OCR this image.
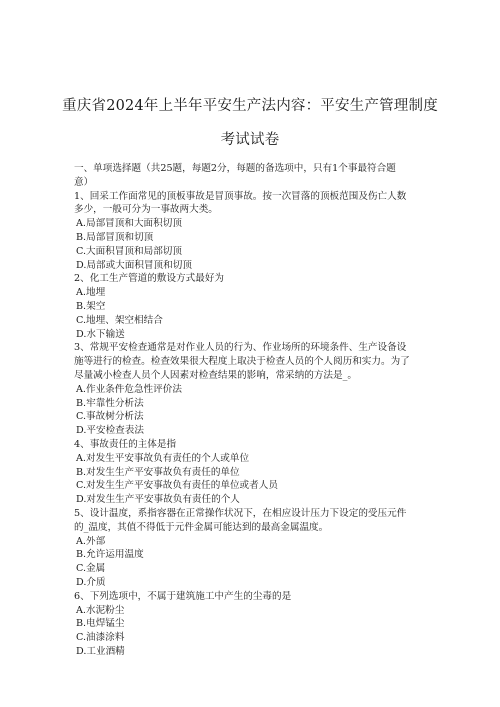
重庆省2024年上半年平安生产法内容：平安生产管理制度
考试试卷
一、单项选择题（共25题，每题2分，每题的备选项中，只有1个事最符合题
意）
1、回采工作面常见的顶板事故是冒顶事故。按一次冒落的顶板范围及伤亡人数
多少，一般可分为一事故两大类。
A.局部冒顶和大面积切顶
B.局部冒顶和切顶
C.大面积冒顶和局部切顶
D.局部或大面积冒顶和切顶
2、化工生产管道的敷设方式最好为
A.地埋
B.架空
C.地埋、架空相结合
D.水下输送
3、常规平安检查通常是对作业人员的行为、作业场所的环境条件、生产设备设
施等进行的检查。检查效果很大程度上取决于检查人员的个人阅历和实力。为了
尽量减小检查人员个人因素对检查结果的影响，常采纳的方法是_。
A.作业条件危急性评价法
B.牢靠性分析法
C.事故树分析法
D.平安检查表法
4、事故责任的主体是指
A.对发生平安事故负有责任的个人或单位
B.对发生生产平安事故负有责任的单位
C.对发生生产平安事故负有责任的单位或者人员
D.对发生生产平安事故负有责任的个人
5、设计温度，系指容器在正常操作状况下，在相应设计压力下设定的受压元件
的_温度，其值不得低于元件金属可能达到的最高金属温度。
A.外部
B.允许运用温度
C.金属
D.介质
6、下列选项中，不属于建筑施工中产生的尘毒的是
A.水泥粉尘
B.电焊锰尘
C.油漆涂料
D.工业酒精
